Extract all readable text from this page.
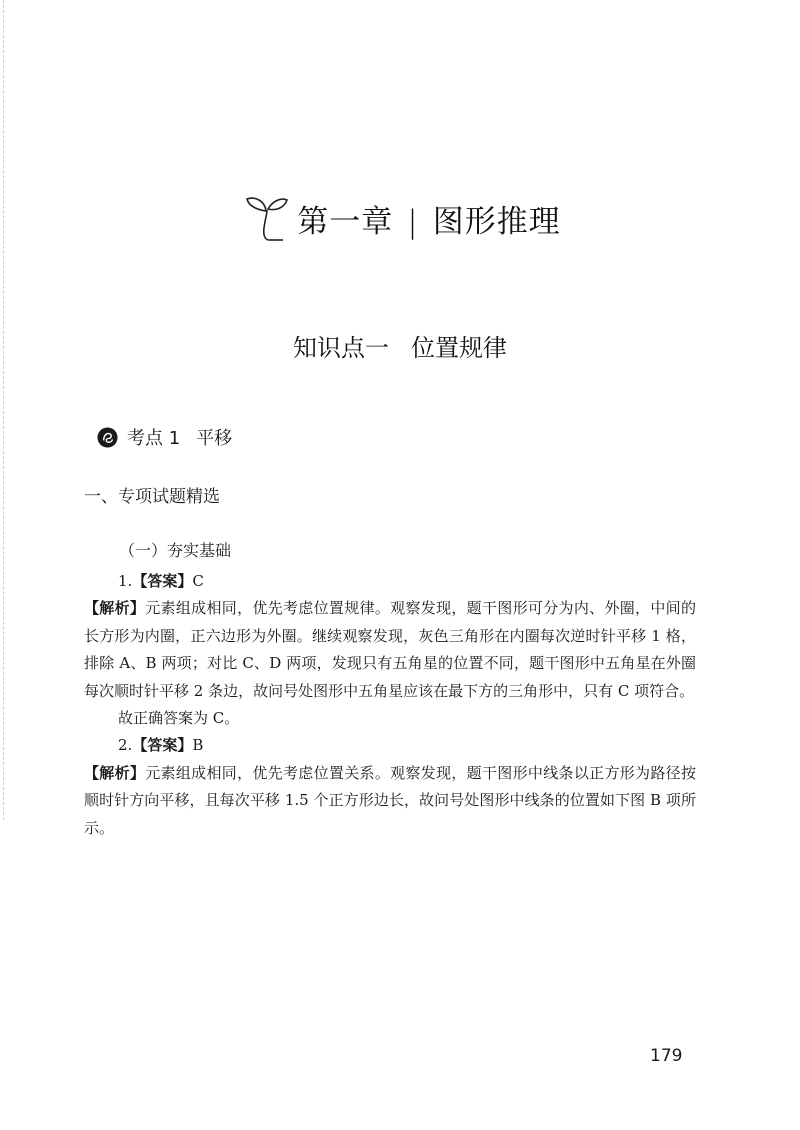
第一章 | 图形推理
知识点一 位置规律
考点 1 平移
一、专项试题精选
（一）夯实基础

1.【答案】C

【解析】元素组成相同，优先考虑位置规律。观察发现，题干图形可分为内、外圈，中间的长方形为内圈，正六边形为外圈。继续观察发现，灰色三角形在内圈每次逆时针平移 1 格，排除 A、B 两项；对比 C、D 两项，发现只有五角星的位置不同，题干图形中五角星在外圈每次顺时针平移 2 条边，故问号处图形中五角星应该在最下方的三角形中，只有 C 项符合。

故正确答案为 C。

2.【答案】B

【解析】元素组成相同，优先考虑位置关系。观察发现，题干图形中线条以正方形为路径按顺时针方向平移，且每次平移 1.5 个正方形边长，故问号处图形中线条的位置如下图 B 项所示。

179
